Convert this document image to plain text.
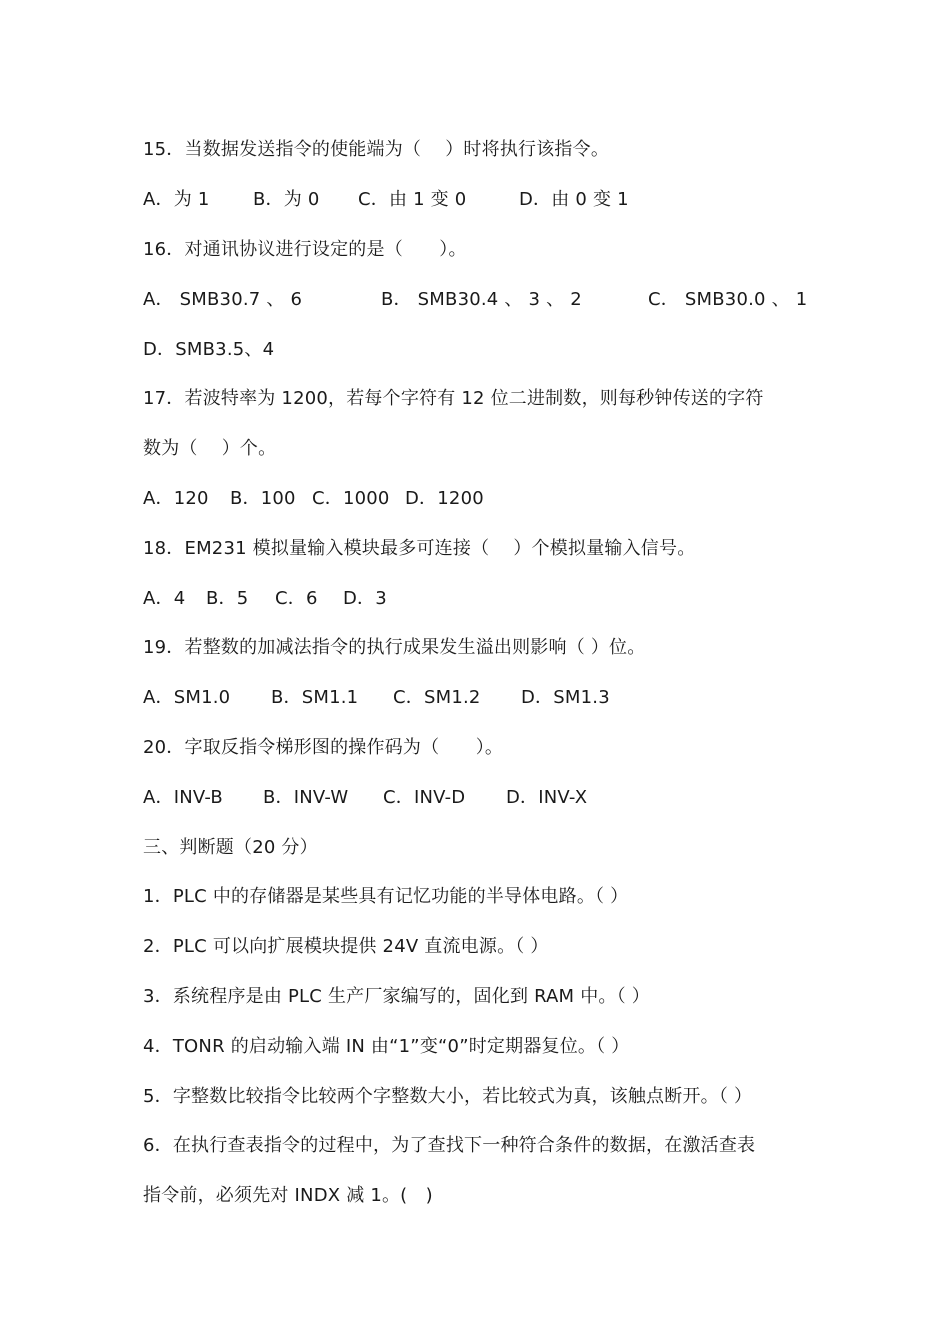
15．当数据发送指令的使能端为（　 ）时将执行该指令。
A．为 1 B．为 0 C．由 1 变 0	D．由 0 变 1
16．对通讯协议进行设定的是（　　）。
A． SMB30.7 、 6	B． SMB30.4 、 3 、 2	C． SMB30.0 、 1
D．SMB3.5、4
17．若波特率为 1200，若每个字符有 12 位二进制数，则每秒钟传送的字符
数为（　 ）个。
A．120 B．100 C．1000 D．1200
18．EM231 模拟量输入模块最多可连接（　 ）个模拟量输入信号。
A．4 B．5 C．6 D．3
19．若整数的加减法指令的执行成果发生溢出则影响（ ）位。
A．SM1.0 B．SM1.1 C．SM1.2 D．SM1.3
20．字取反指令梯形图的操作码为（　　）。
A．INV-B B．INV-W C．INV-D D．INV-X
三、判断题（20 分）
1．PLC 中的存储器是某些具有记忆功能的半导体电路。（ ）
2．PLC 可以向扩展模块提供 24V 直流电源。（ ）
3．系统程序是由 PLC 生产厂家编写的，固化到 RAM 中。（ ）
4．TONR 的启动输入端 IN 由“1”变“0”时定期器复位。（ ）
5．字整数比较指令比较两个字整数大小，若比较式为真，该触点断开。（ ）
6．在执行查表指令的过程中，为了查找下一种符合条件的数据，在激活查表
指令前，必须先对 INDX 减 1。(　)
